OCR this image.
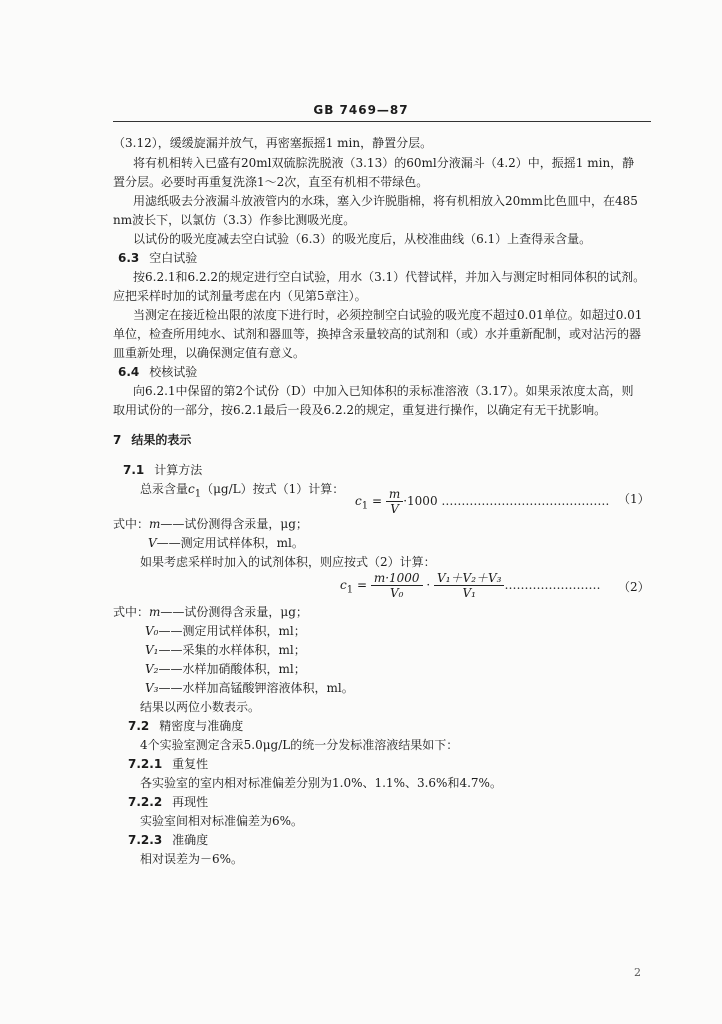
GB 7469—87
（3.12），缓缓旋漏并放气，再密塞振摇1 min，静置分层。
将有机相转入已盛有20ml双硫腙洗脱液（3.13）的60ml分液漏斗（4.2）中，振摇1 min，静
置分层。必要时再重复洗涤1～2次，直至有机相不带绿色。
用滤纸吸去分液漏斗放液管内的水珠，塞入少许脱脂棉，将有机相放入20mm比色皿中，在485
nm波长下，以氯仿（3.3）作参比测吸光度。
以试份的吸光度减去空白试验（6.3）的吸光度后，从校准曲线（6.1）上查得汞含量。
6.3 空白试验
按6.2.1和6.2.2的规定进行空白试验，用水（3.1）代替试样，并加入与测定时相同体积的试剂。
应把采样时加的试剂量考虑在内（见第5章注）。
当测定在接近检出限的浓度下进行时，必须控制空白试验的吸光度不超过0.01单位。如超过0.01
单位，检查所用纯水、试剂和器皿等，换掉含汞量较高的试剂和（或）水并重新配制，或对沾污的器
皿重新处理，以确保测定值有意义。
6.4 校核试验
向6.2.1中保留的第2个试份（D）中加入已知体积的汞标准溶液（3.17）。如果汞浓度太高，则
取用试份的一部分，按6.2.1最后一段及6.2.2的规定，重复进行操作，以确定有无干扰影响。
7 结果的表示
7.1 计算方法
总汞含量$c_1(\mu g/L)$按式（1）计算：
$c_1 = \frac{m}{V} \cdot 1000$ …………………………………… （1）
式中：m——试份测得含汞量，μg；
V——测定用试样体积，ml。
如果考虑采样时加入的试剂体积，则应按式（2）计算：
$c_1 = \frac{m\cdot 1000}{\text{V₀}} \cdot \frac{\text{V₁＋V₂＋V₃}}{\text{V₁}}$ …………………… （2）
式中：m——试份测得含汞量，μg；
V₀——测定用试样体积，ml；
V₁——采集的水样体积，ml；
V₂——水样加硝酸体积，ml；
V₃——水样加高锰酸钾溶液体积，ml。
结果以两位小数表示。
7.2 精密度与准确度
4个实验室测定含汞5.0μg/L的统一分发标准溶液结果如下：
7.2.1 重复性
各实验室的室内相对标准偏差分别为1.0%、1.1%、3.6%和4.7%。
7.2.2 再现性
实验室间相对标准偏差为6%。
7.2.3 准确度
相对误差为－6%。
2
